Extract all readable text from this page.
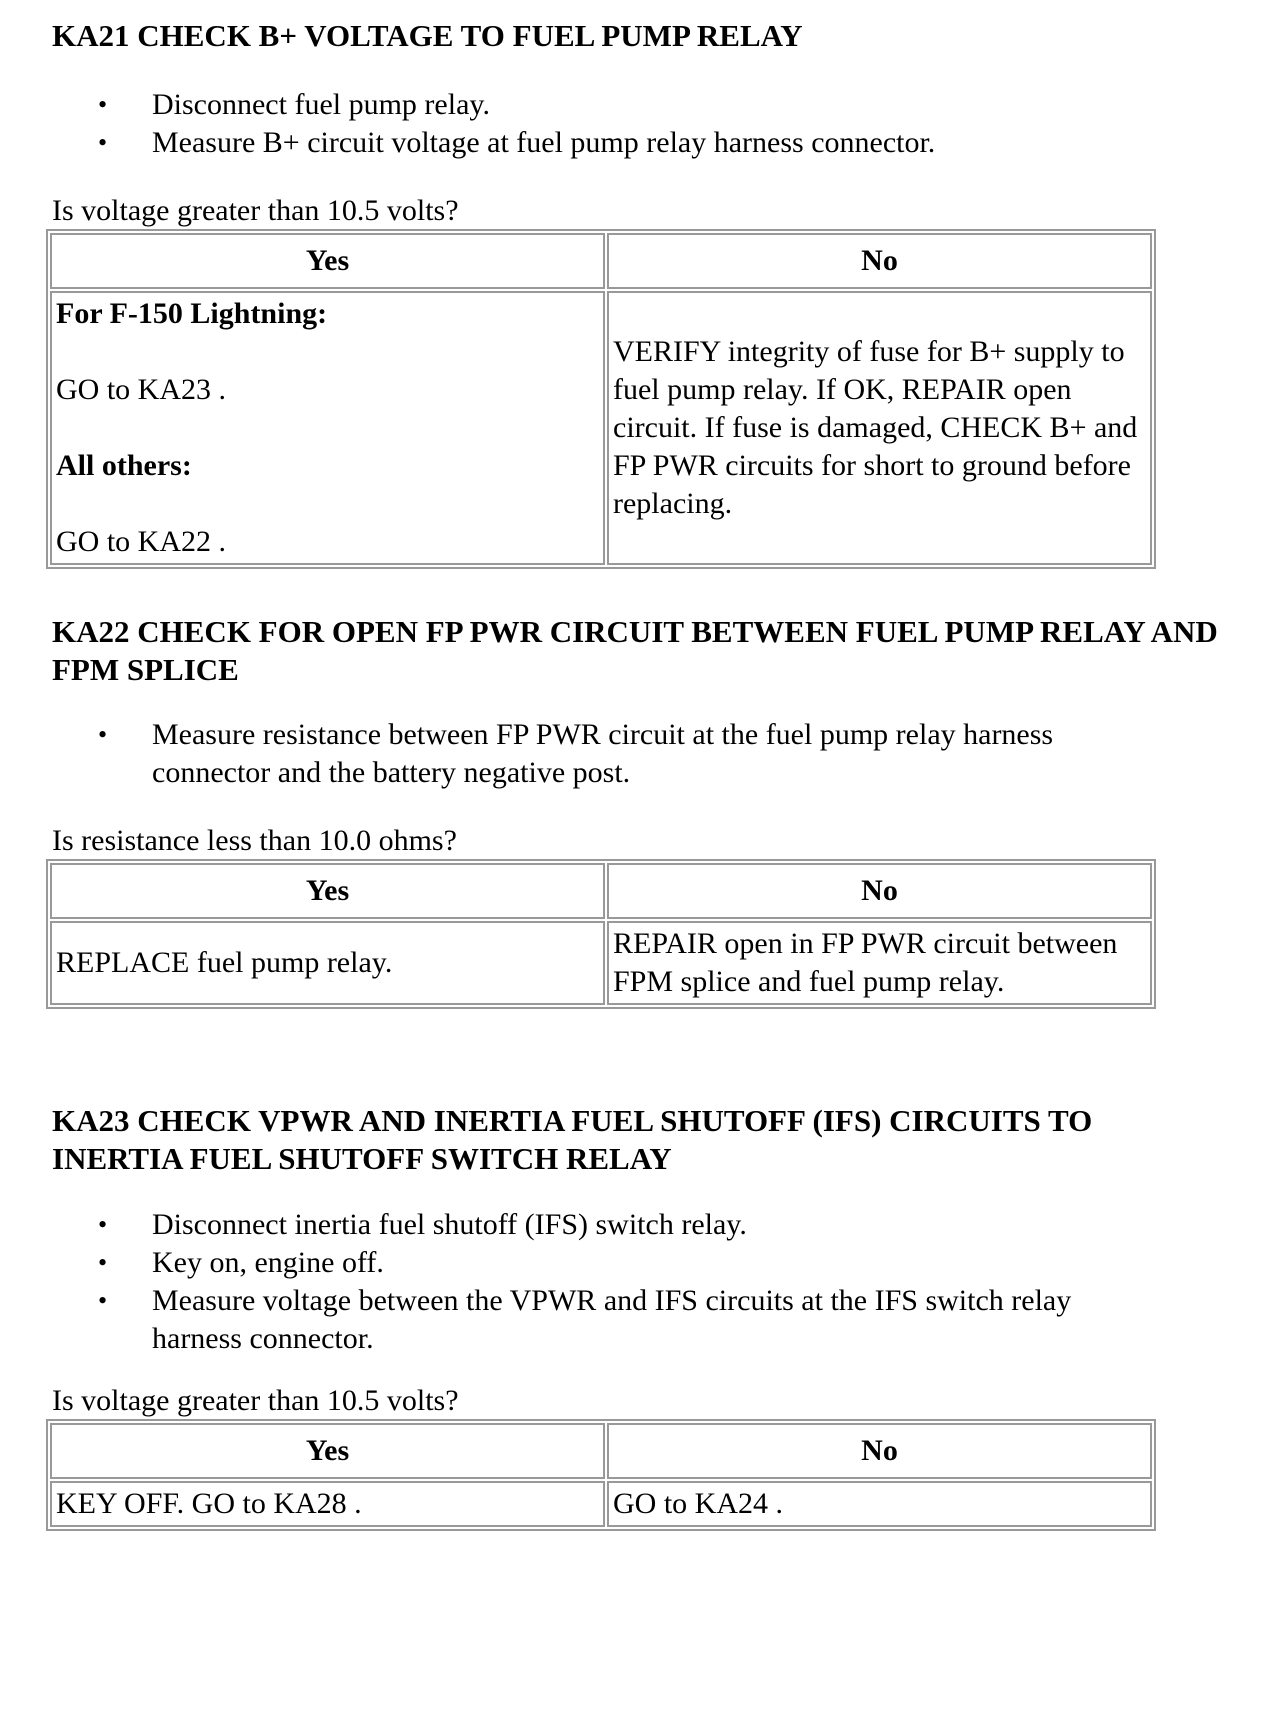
KA21 CHECK B+ VOLTAGE TO FUEL PUMP RELAY
• Disconnect fuel pump relay.
• Measure B+ circuit voltage at fuel pump relay harness connector.

Is voltage greater than 10.5 volts?

Yes	No

For F-150 Lightning:
GO to KA23 .
All others:
GO to KA22 .	VERIFY integrity of fuse for B+ supply to fuel pump relay. If OK, REPAIR open circuit. If fuse is damaged, CHECK B+ and FP PWR circuits for short to ground before replacing.
KA22 CHECK FOR OPEN FP PWR CIRCUIT BETWEEN FUEL PUMP RELAY AND FPM SPLICE
• Measure resistance between FP PWR circuit at the fuel pump relay harness connector and the battery negative post.

Is resistance less than 10.0 ohms?

Yes	No
REPLACE fuel pump relay.	REPAIR open in FP PWR circuit between FPM splice and fuel pump relay.
KA23 CHECK VPWR AND INERTIA FUEL SHUTOFF (IFS) CIRCUITS TO INERTIA FUEL SHUTOFF SWITCH RELAY
• Disconnect inertia fuel shutoff (IFS) switch relay.
• Key on, engine off.
• Measure voltage between the VPWR and IFS circuits at the IFS switch relay harness connector.

Is voltage greater than 10.5 volts?

Yes	No
KEY OFF. GO to KA28 .	GO to KA24 .
